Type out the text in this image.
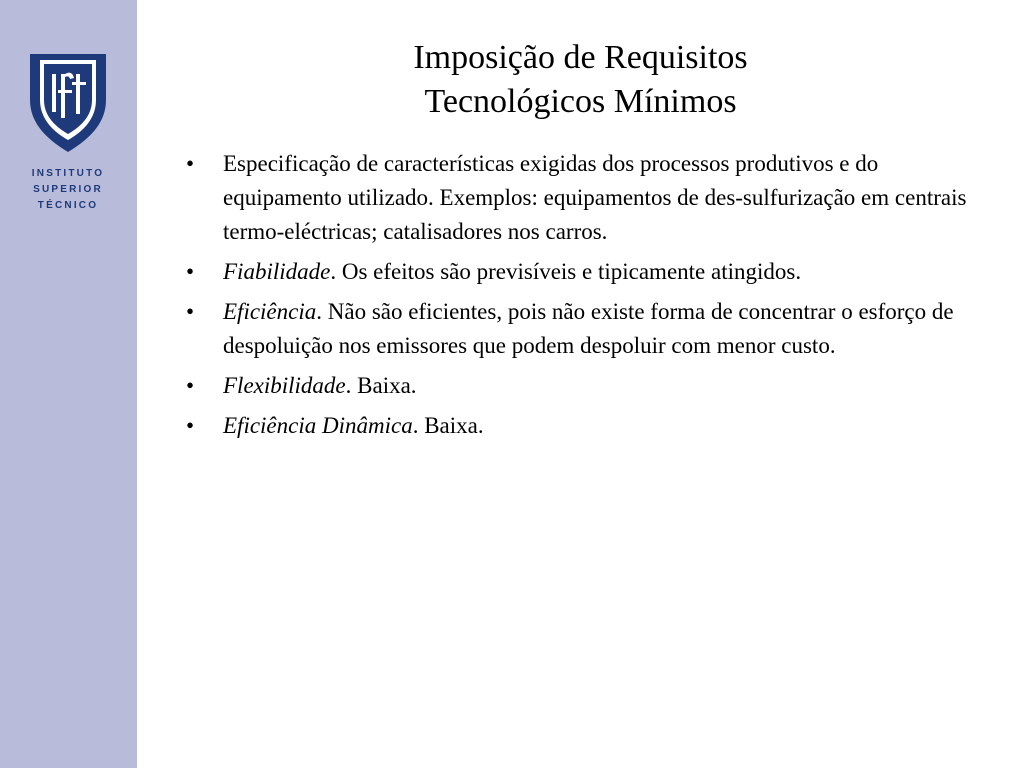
INSTITUTO
SUPERIOR
TÉCNICO
Imposição de Requisitos
Tecnológicos Mínimos
• Especificação de características exigidas dos processos produtivos e do equipamento utilizado. Exemplos: equipamentos de des-sulfurização em centrais termo-eléctricas; catalisadores nos carros.
• Fiabilidade. Os efeitos são previsíveis e tipicamente atingidos.
• Eficiência. Não são eficientes, pois não existe forma de concentrar o esforço de despoluição nos emissores que podem despoluir com menor custo.
• Flexibilidade. Baixa.
• Eficiência Dinâmica. Baixa.
